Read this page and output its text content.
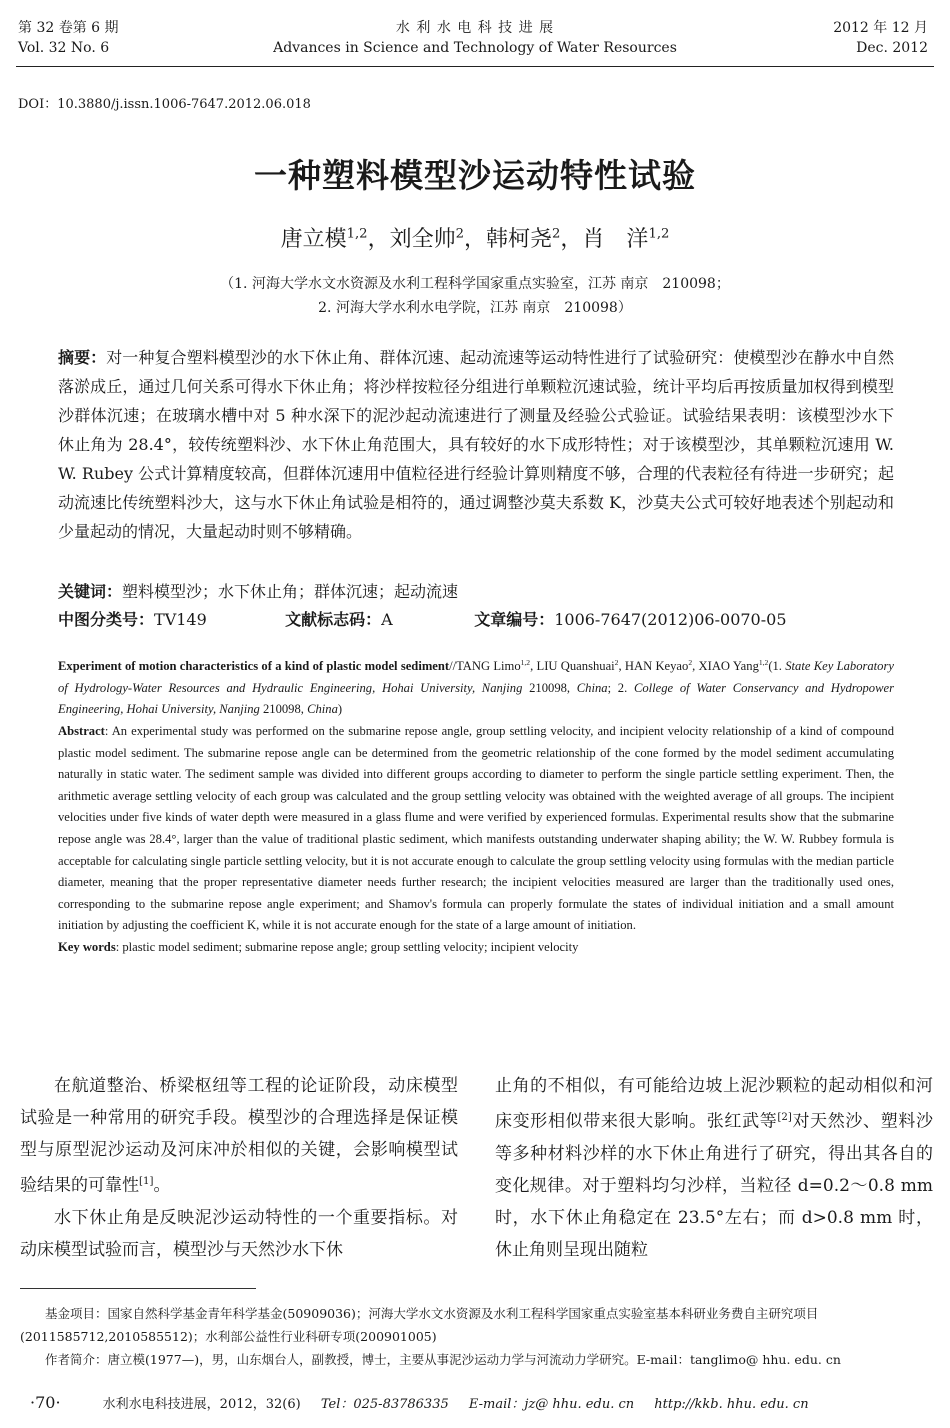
第 32 卷第 6 期
Vol. 32 No. 6
水 利 水 电 科 技 进 展
Advances in Science and Technology of Water Resources
2012 年 12 月
Dec. 2012
DOI：10.3880/j.issn.1006-7647.2012.06.018
一种塑料模型沙运动特性试验
唐立模$^{1,2}$，刘全帅$^2$，韩柯尧$^2$，肖　洋$^{1,2}$
（1. 河海大学水文水资源及水利工程科学国家重点实验室，江苏 南京　210098；
2. 河海大学水利水电学院，江苏 南京　210098）
摘要：对一种复合塑料模型沙的水下休止角、群体沉速、起动流速等运动特性进行了试验研究：使模型沙在静水中自然落淤成丘，通过几何关系可得水下休止角；将沙样按粒径分组进行单颗粒沉速试验，统计平均后再按质量加权得到模型沙群体沉速；在玻璃水槽中对 5 种水深下的泥沙起动流速进行了测量及经验公式验证。试验结果表明：该模型沙水下休止角为 28.4°，较传统塑料沙、水下休止角范围大，具有较好的水下成形特性；对于该模型沙，其单颗粒沉速用 W. W. Rubey 公式计算精度较高，但群体沉速用中值粒径进行经验计算则精度不够，合理的代表粒径有待进一步研究；起动流速比传统塑料沙大，这与水下休止角试验是相符的，通过调整沙莫夫系数 K，沙莫夫公式可较好地表述个别起动和少量起动的情况，大量起动时则不够精确。
关键词：塑料模型沙；水下休止角；群体沉速；起动流速
中图分类号：TV149	文献标志码：A	文章编号：1006-7647(2012)06-0070-05
Experiment of motion characteristics of a kind of plastic model sediment//TANG Limo$^{1,2}$, LIU Quanshuai$^2$, HAN Keyao$^2$, XIAO Yang$^{1,2}$(1. State Key Laboratory of Hydrology-Water Resources and Hydraulic Engineering, Hohai University, Nanjing 210098, China; 2. College of Water Conservancy and Hydropower Engineering, Hohai University, Nanjing 210098, China)
Abstract: An experimental study was performed on the submarine repose angle, group settling velocity, and incipient velocity relationship of a kind of compound plastic model sediment. The submarine repose angle can be determined from the geometric relationship of the cone formed by the model sediment accumulating naturally in static water. The sediment sample was divided into different groups according to diameter to perform the single particle settling experiment. Then, the arithmetic average settling velocity of each group was calculated and the group settling velocity was obtained with the weighted average of all groups. The incipient velocities under five kinds of water depth were measured in a glass flume and were verified by experienced formulas. Experimental results show that the submarine repose angle was 28.4°, larger than the value of traditional plastic sediment, which manifests outstanding underwater shaping ability; the W. W. Rubbey formula is acceptable for calculating single particle settling velocity, but it is not accurate enough to calculate the group settling velocity using formulas with the median particle diameter, meaning that the proper representative diameter needs further research; the incipient velocities measured are larger than the traditionally used ones, corresponding to the submarine repose angle experiment; and Shamov's formula can properly formulate the states of individual initiation and a small amount initiation by adjusting the coefficient K, while it is not accurate enough for the state of a large amount of initiation.
Key words: plastic model sediment; submarine repose angle; group settling velocity; incipient velocity
在航道整治、桥梁枢纽等工程的论证阶段，动床模型试验是一种常用的研究手段。模型沙的合理选择是保证模型与原型泥沙运动及河床冲於相似的关键，会影响模型试验结果的可靠性[1]。
水下休止角是反映泥沙运动特性的一个重要指标。对动床模型试验而言，模型沙与天然沙水下休
止角的不相似，有可能给边坡上泥沙颗粒的起动相似和河床变形相似带来很大影响。张红武等[2]对天然沙、塑料沙等多种材料沙样的水下休止角进行了研究，得出其各自的变化规律。对于塑料均匀沙样，当粒径 d=0.2～0.8 mm 时，水下休止角稳定在 23.5°左右；而 d>0.8 mm 时，休止角则呈现出随粒
基金项目：国家自然科学基金青年科学基金(50909036)；河海大学水文水资源及水利工程科学国家重点实验室基本科研业务费自主研究项目(2011585712,2010585512)；水利部公益性行业科研专项(200901005)
作者简介：唐立模(1977—)，男，山东烟台人，副教授，博士，主要从事泥沙运动力学与河流动力学研究。E-mail：tanglimo@ hhu. edu. cn
·70·	水利水电科技进展，2012，32(6) Tel：025-83786335 E-mail：jz@ hhu. edu. cn http://kkb. hhu. edu. cn
